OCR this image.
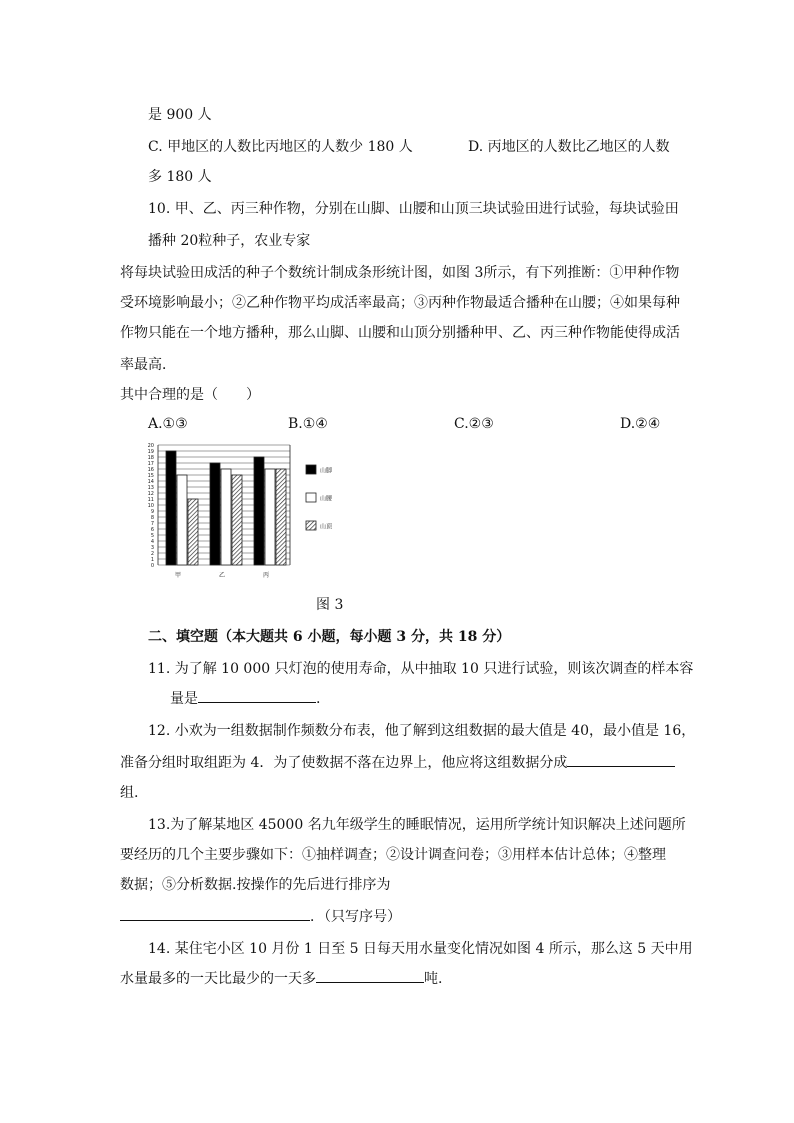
是 900 人
C. 甲地区的人数比丙地区的人数少 180 人	D. 丙地区的人数比乙地区的人数
多 180 人
10. 甲、乙、丙三种作物，分别在山脚、山腰和山顶三块试验田进行试验，每块试验田
播种 20粒种子，农业专家
将每块试验田成活的种子个数统计制成条形统计图，如图 3所示，有下列推断：①甲种作物
受环境影响最小；②乙种作物平均成活率最高；③丙种作物最适合播种在山腰；④如果每种
作物只能在一个地方播种，那么山脚、山腰和山顶分别播种甲、乙、丙三种作物能使得成活
率最高．
其中合理的是（　　）
A.①③	B.①④	C.②③	D.②④
0
1
2
3
4
5
6
7
8
9
10
11
12
13
14
15
16
17
18
19
20
甲	乙	丙
山脚
山腰
山顶
图 3
二、填空题（本大题共 6 小题，每小题 3 分，共 18 分）
11. 为了解 10 000 只灯泡的使用寿命，从中抽取 10 只进行试验，则该次调查的样本容
量是	.
12. 小欢为一组数据制作频数分布表，他了解到这组数据的最大值是 40，最小值是 16，
准备分组时取组距为 4．为了使数据不落在边界上，他应将这组数据分成
组.
13.为了解某地区 45000 名九年级学生的睡眠情况，运用所学统计知识解决上述问题所
要经历的几个主要步骤如下：①抽样调查；②设计调查问卷；③用样本估计总体；④整理
数据；⑤分析数据.按操作的先后进行排序为
．（只写序号）
14. 某住宅小区 10 月份 1 日至 5 日每天用水量变化情况如图 4 所示，那么这 5 天中用
水量最多的一天比最少的一天多	吨.
